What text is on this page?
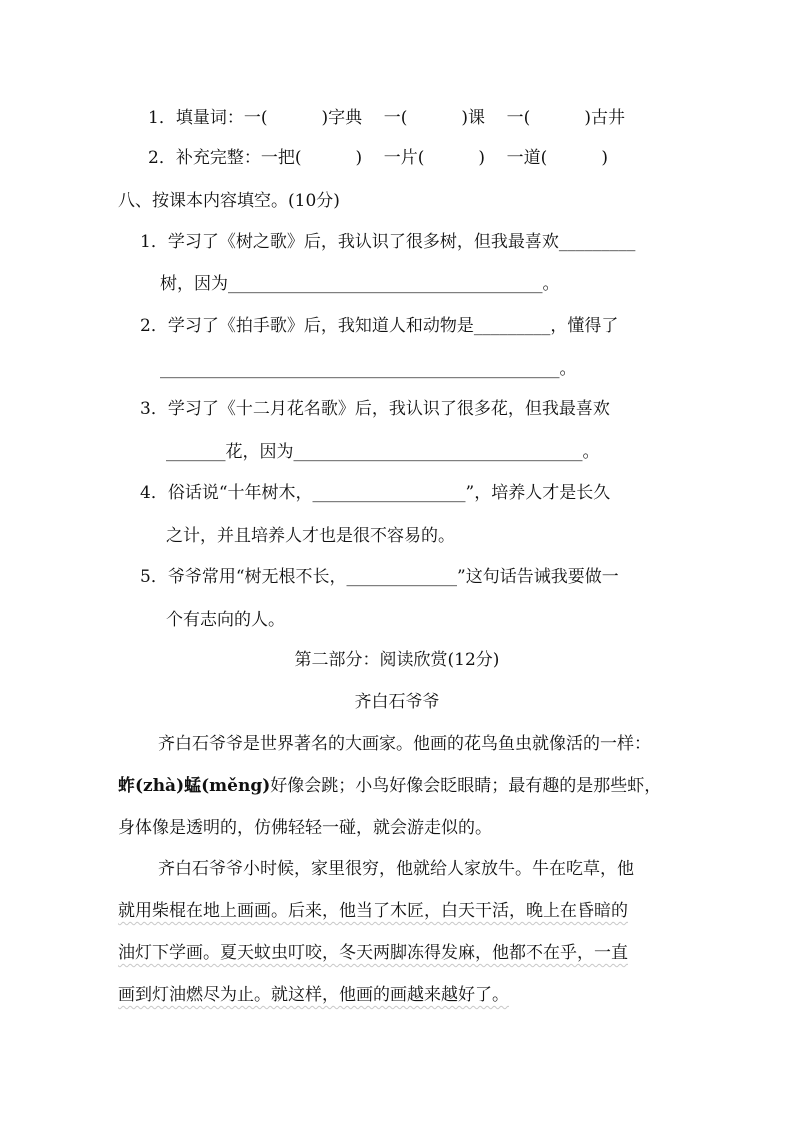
1．填量词：一(          )字典    一(          )课    一(          )古井

2．补充完整：一把(          )    一片(          )    一道(          )

八、按课本内容填空。(10分)

1．学习了《树之歌》后，我认识了很多树，但我最喜欢_________

树，因为_____________________________________。

2．学习了《拍手歌》后，我知道人和动物是_________，懂得了

_______________________________________________。

3．学习了《十二月花名歌》后，我认识了很多花，但我最喜欢

_______花，因为__________________________________。

4．俗话说“十年树木，__________________”，培养人才是长久

之计，并且培养人才也是很不容易的。

5．爷爷常用“树无根不长，_____________”这句话告诫我要做一

个有志向的人。

第二部分：阅读欣赏(12分)

齐白石爷爷

齐白石爷爷是世界著名的大画家。他画的花鸟鱼虫就像活的一样：

蚱(zhà)蜢(měng)好像会跳；小鸟好像会眨眼睛；最有趣的是那些虾，

身体像是透明的，仿佛轻轻一碰，就会游走似的。

齐白石爷爷小时候，家里很穷，他就给人家放牛。牛在吃草，他

就用柴棍在地上画画。后来，他当了木匠，白天干活，晚上在昏暗的

油灯下学画。夏天蚊虫叮咬，冬天两脚冻得发麻，他都不在乎，一直

画到灯油燃尽为止。就这样，他画的画越来越好了。
